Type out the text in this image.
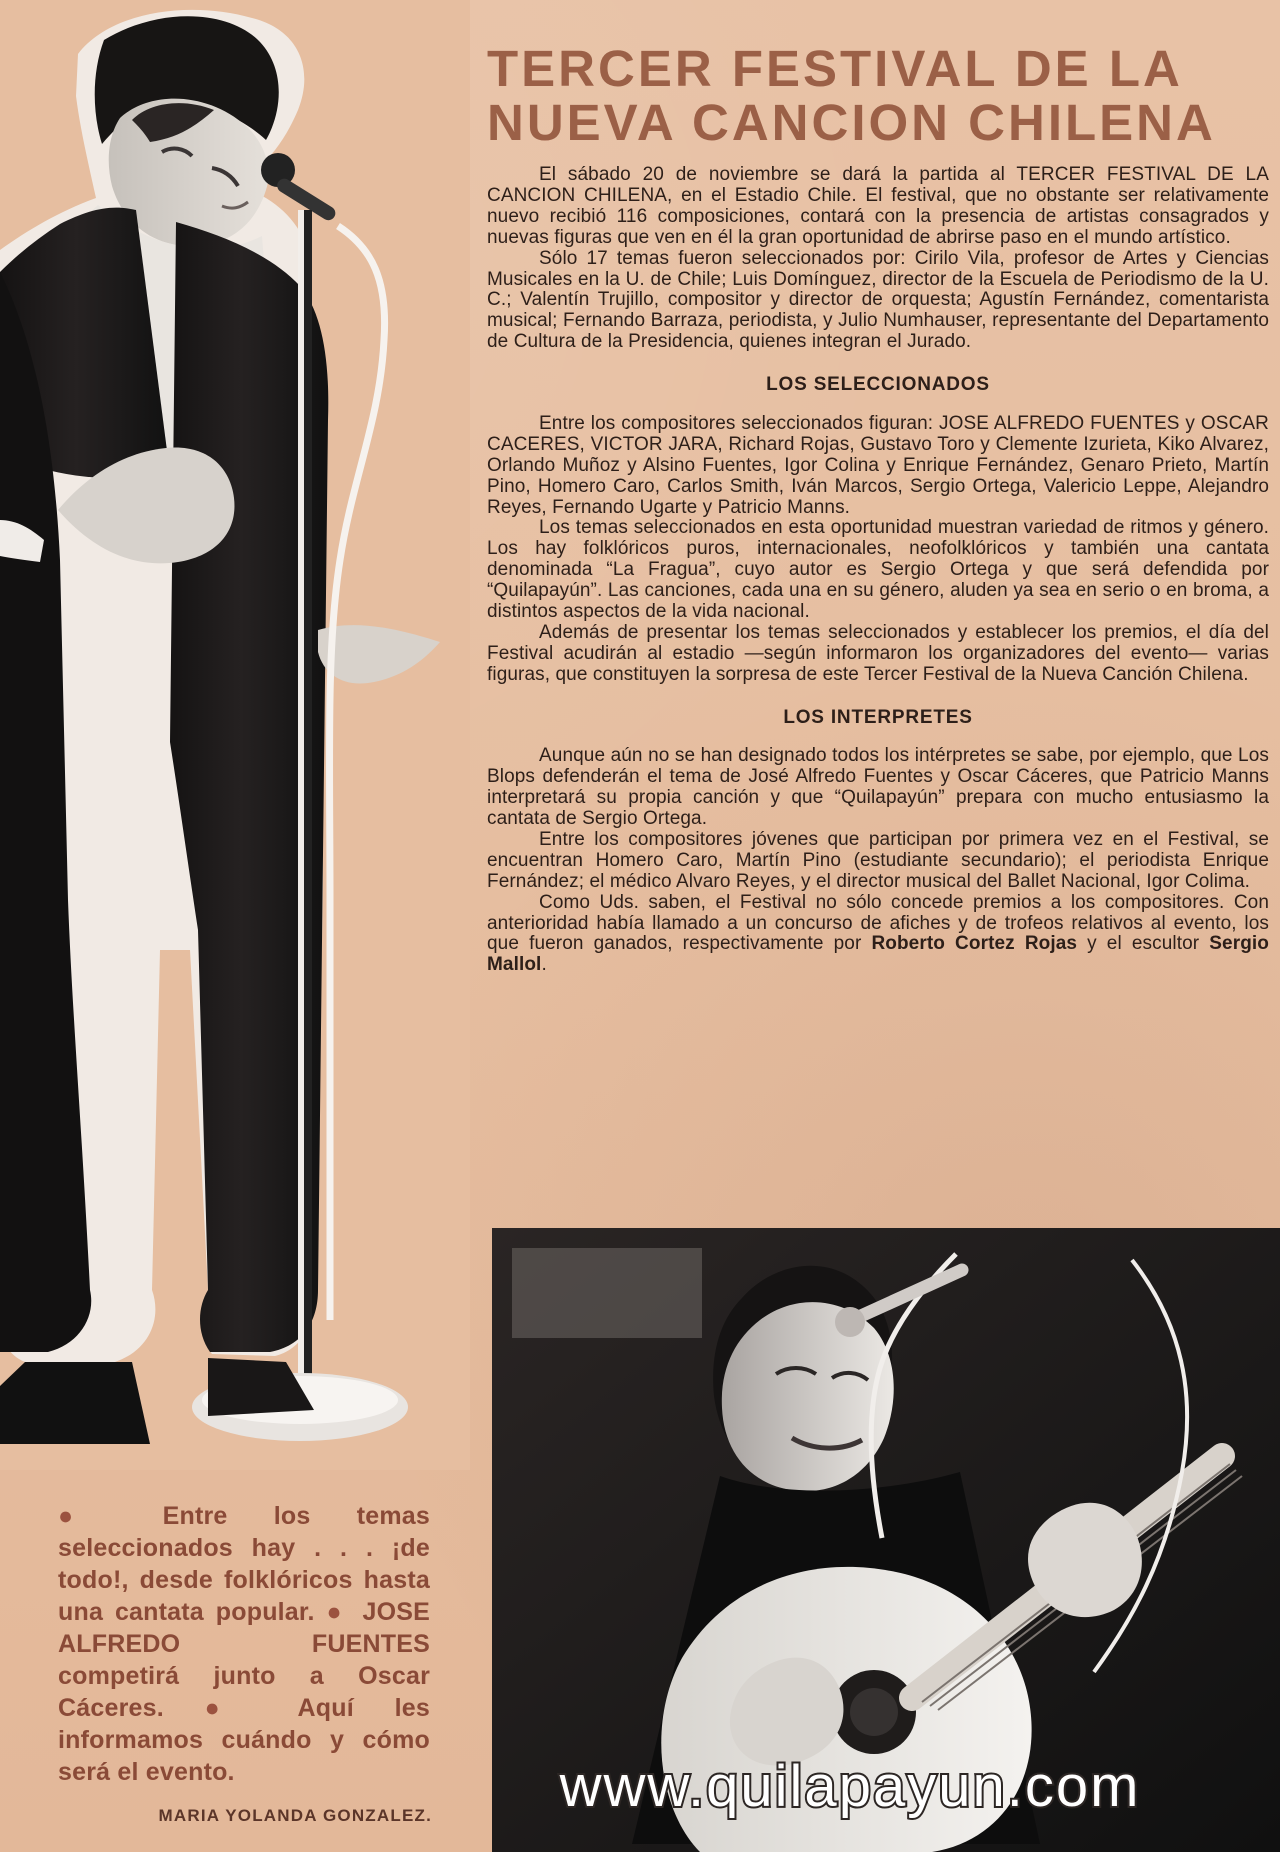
● Entre los temas seleccionados hay . . . ¡de todo!, desde folklóricos hasta una cantata popular. ● JOSE ALFREDO FUENTES competirá junto a Oscar Cáceres. ● Aquí les informamos cuándo y cómo será el evento.
MARIA YOLANDA GONZALEZ.
TERCER FESTIVAL DE LA
NUEVA CANCION CHILENA

El sábado 20 de noviembre se dará la partida al TERCER FESTIVAL DE LA CANCION CHILENA, en el Estadio Chile. El festival, que no obstante ser relativamente nuevo recibió 116 composiciones, contará con la presencia de artistas consagrados y nuevas figuras que ven en él la gran oportunidad de abrirse paso en el mundo artístico.

Sólo 17 temas fueron seleccionados por: Cirilo Vila, profesor de Artes y Ciencias Musicales en la U. de Chile; Luis Domínguez, director de la Escuela de Periodismo de la U. C.; Valentín Trujillo, compositor y director de orquesta; Agustín Fernández, comentarista musical; Fernando Barraza, periodista, y Julio Numhauser, representante del Departamento de Cultura de la Presidencia, quienes integran el Jurado.

LOS SELECCIONADOS

Entre los compositores seleccionados figuran: JOSE ALFREDO FUENTES y OSCAR CACERES, VICTOR JARA, Richard Rojas, Gustavo Toro y Clemente Izurieta, Kiko Alvarez, Orlando Muñoz y Alsino Fuentes, Igor Colina y Enrique Fernández, Genaro Prieto, Martín Pino, Homero Caro, Carlos Smith, Iván Marcos, Sergio Ortega, Valericio Leppe, Alejandro Reyes, Fernando Ugarte y Patricio Manns.

Los temas seleccionados en esta oportunidad muestran variedad de ritmos y género. Los hay folklóricos puros, internacionales, neofolklóricos y también una cantata denominada “La Fragua”, cuyo autor es Sergio Ortega y que será defendida por “Quilapayún”. Las canciones, cada una en su género, aluden ya sea en serio o en broma, a distintos aspectos de la vida nacional.

Además de presentar los temas seleccionados y establecer los premios, el día del Festival acudirán al estadio —según informaron los organizadores del evento— varias figuras, que constituyen la sorpresa de este Tercer Festival de la Nueva Canción Chilena.

LOS INTERPRETES

Aunque aún no se han designado todos los intérpretes se sabe, por ejemplo, que Los Blops defenderán el tema de José Alfredo Fuentes y Oscar Cáceres, que Patricio Manns interpretará su propia canción y que “Quilapayún” prepara con mucho entusiasmo la cantata de Sergio Ortega.

Entre los compositores jóvenes que participan por primera vez en el Festival, se encuentran Homero Caro, Martín Pino (estudiante secundario); el periodista Enrique Fernández; el médico Alvaro Reyes, y el director musical del Ballet Nacional, Igor Colima.

Como Uds. saben, el Festival no sólo concede premios a los compositores. Con anterioridad había llamado a un concurso de afiches y de trofeos relativos al evento, los que fueron ganados, respectivamente por Roberto Cortez Rojas y el escultor Sergio Mallol.

www.quilapayun.com
